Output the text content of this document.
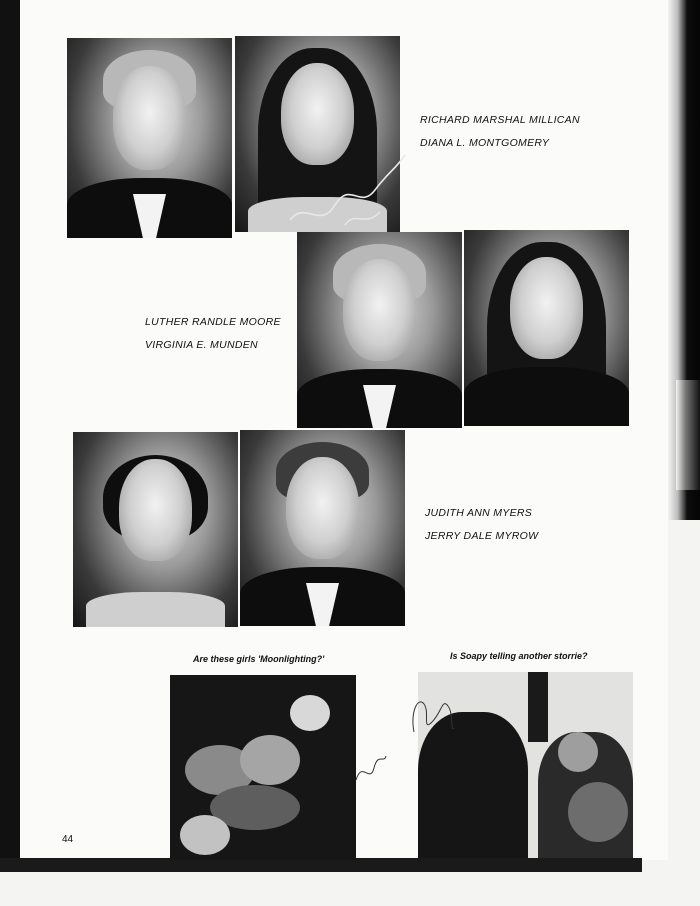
RICHARD MARSHAL MILLICAN
DIANA L. MONTGOMERY
LUTHER RANDLE MOORE
VIRGINIA E. MUNDEN
JUDITH ANN MYERS
JERRY DALE MYROW
Are these girls 'Moonlighting?'	Is Soapy telling another storrie?
44
